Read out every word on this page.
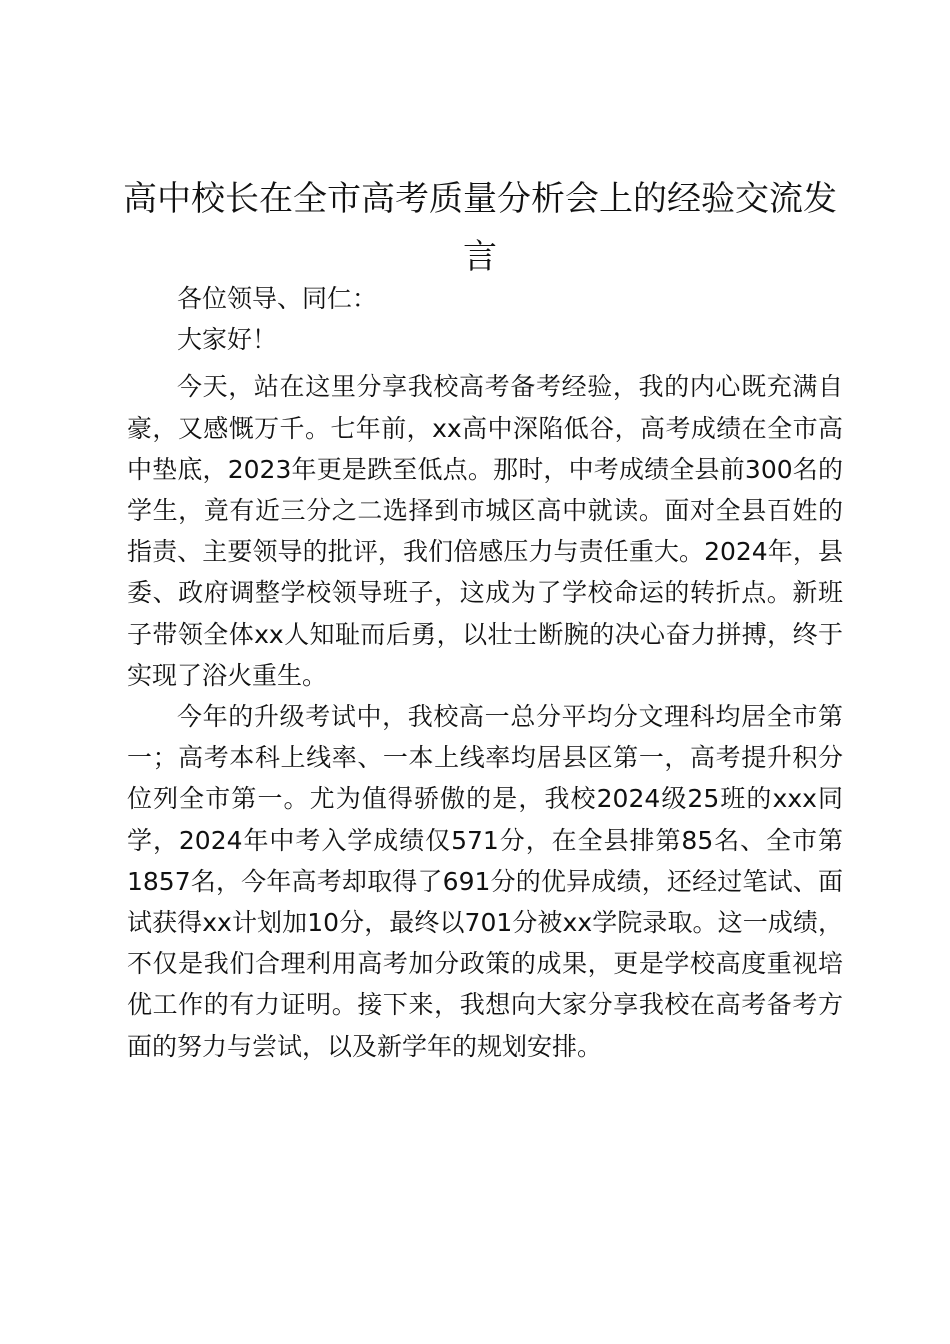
高中校长在全市高考质量分析会上的经验交流发言

各位领导、同仁：

大家好！

今天，站在这里分享我校高考备考经验，我的内心既充满自豪，又感慨万千。七年前，xx高中深陷低谷，高考成绩在全市高中垫底，2023年更是跌至低点。那时，中考成绩全县前300名的学生，竟有近三分之二选择到市城区高中就读。面对全县百姓的指责、主要领导的批评，我们倍感压力与责任重大。2024年，县委、政府调整学校领导班子，这成为了学校命运的转折点。新班子带领全体xx人知耻而后勇，以壮士断腕的决心奋力拼搏，终于实现了浴火重生。

今年的升级考试中，我校高一总分平均分文理科均居全市第一；高考本科上线率、一本上线率均居县区第一，高考提升积分位列全市第一。尤为值得骄傲的是，我校2024级25班的xxx同学，2024年中考入学成绩仅571分，在全县排第85名、全市第1857名，今年高考却取得了691分的优异成绩，还经过笔试、面试获得xx计划加10分，最终以701分被xx学院录取。这一成绩，不仅是我们合理利用高考加分政策的成果，更是学校高度重视培优工作的有力证明。接下来，我想向大家分享我校在高考备考方面的努力与尝试，以及新学年的规划安排。
